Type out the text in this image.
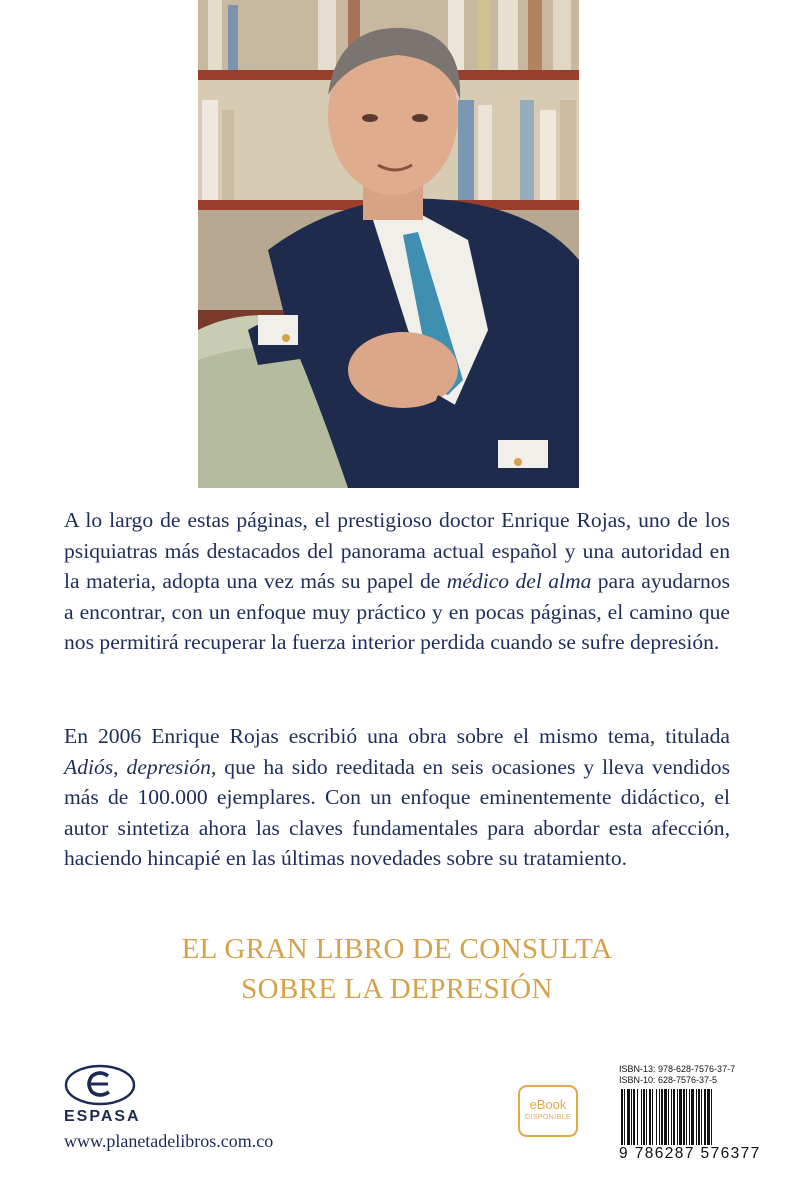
A lo largo de estas páginas, el prestigioso doctor Enrique Rojas, uno de los psiquiatras más destacados del panorama actual español y una autoridad en la materia, adopta una vez más su papel de médico del alma para ayudarnos a encontrar, con un enfoque muy práctico y en pocas páginas, el camino que nos permitirá recuperar la fuerza interior perdida cuando se sufre depresión.

En 2006 Enrique Rojas escribió una obra sobre el mismo tema, titulada Adiós, depresión, que ha sido reeditada en seis ocasiones y lleva vendidos más de 100.000 ejemplares. Con un enfoque eminentemente didáctico, el autor sintetiza ahora las claves fundamentales para abordar esta afección, haciendo hincapié en las últimas novedades sobre su tratamiento.

EL GRAN LIBRO DE CONSULTA

SOBRE LA DEPRESIÓN

ESPASA

www.planetadelibros.com.co

eBook
DISPONIBLE

ISBN-13: 978-628-7576-37-7

ISBN-10: 628-7576-37-5

9 786287 576377
